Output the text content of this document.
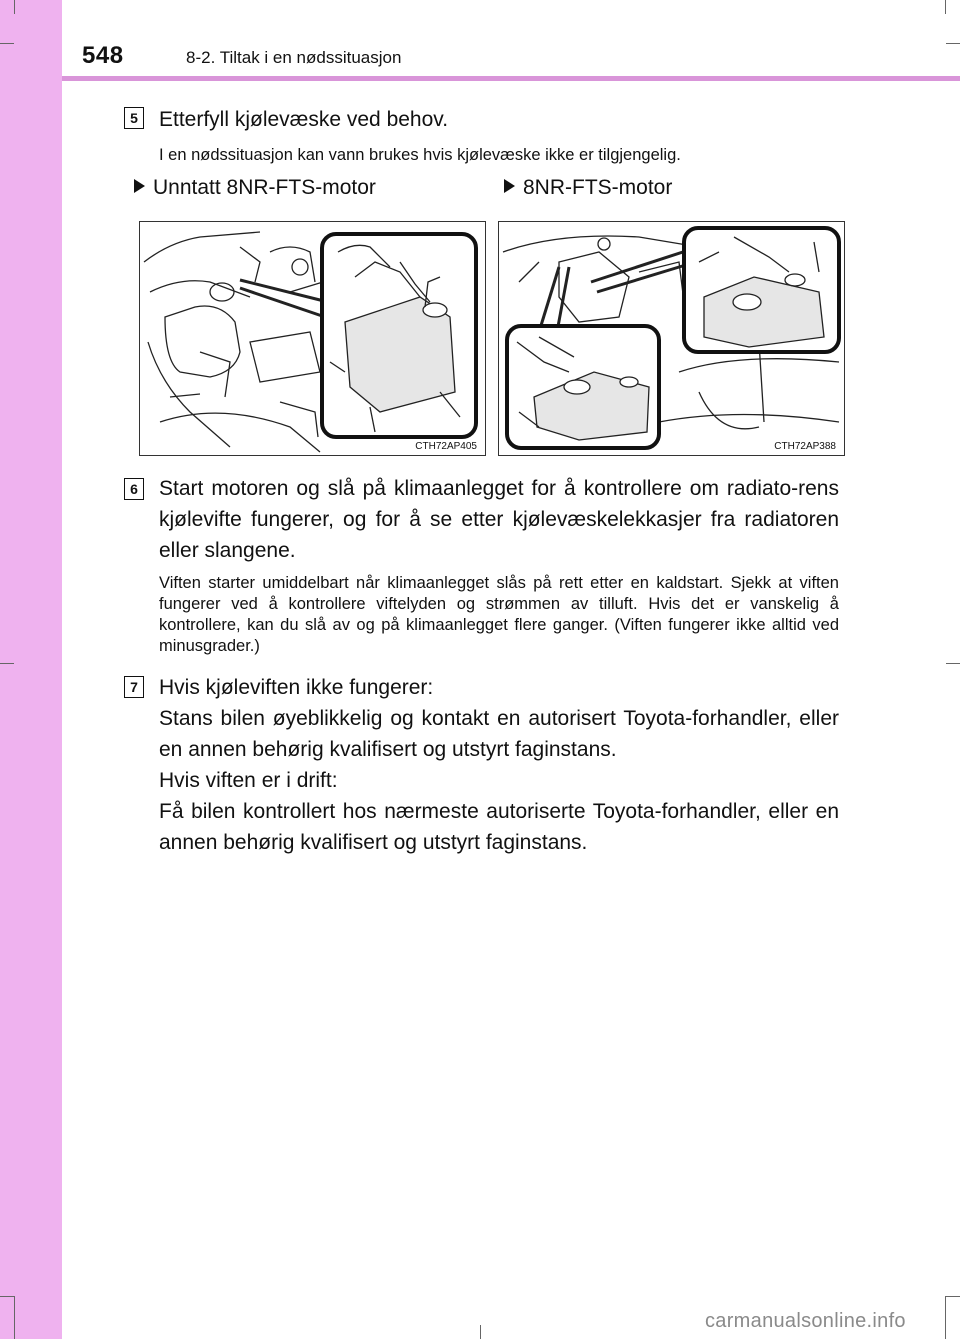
548	8-2. Tiltak i en nødssituasjon
5 Etterfyll kjølevæske ved behov.
I en nødssituasjon kan vann brukes hvis kjølevæske ikke er tilgjengelig.
Unntatt 8NR-FTS-motor	8NR-FTS-motor
CTH72AP405	CTH72AP388
6 Start motoren og slå på klimaanlegget for å kontrollere om radiato-rens kjølevifte fungerer, og for å se etter kjølevæskelekkasjer fra radiatoren eller slangene.
Viften starter umiddelbart når klimaanlegget slås på rett etter en kaldstart. Sjekk at viften fungerer ved å kontrollere viftelyden og strømmen av tilluft. Hvis det er vanskelig å kontrollere, kan du slå av og på klimaanlegget flere ganger. (Viften fungerer ikke alltid ved minusgrader.)
7 Hvis kjøleviften ikke fungerer:
Stans bilen øyeblikkelig og kontakt en autorisert Toyota-forhandler, eller en annen behørig kvalifisert og utstyrt faginstans.
Hvis viften er i drift:
Få bilen kontrollert hos nærmeste autoriserte Toyota-forhandler, eller en annen behørig kvalifisert og utstyrt faginstans.
carmanualsonline.info
